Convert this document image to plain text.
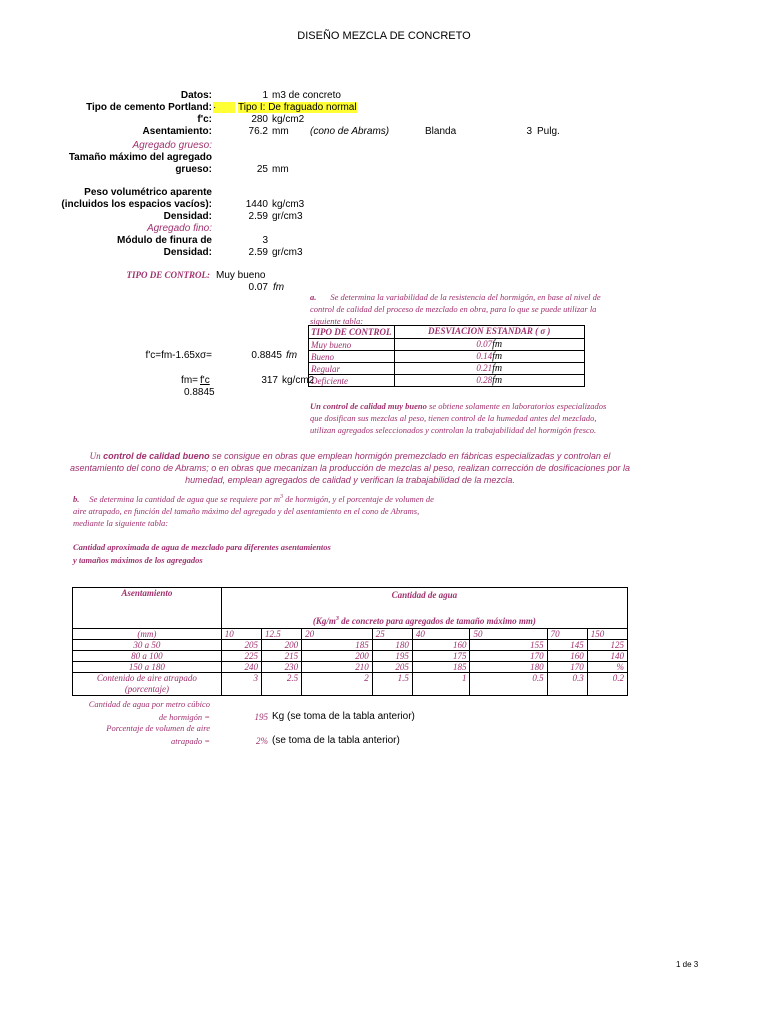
DISEÑO MEZCLA DE CONCRETO
Datos:	1 m3 de concreto
Tipo de cemento Portland: ·	Tipo I: De fraguado normal
f'c:	280 kg/cm2
Asentamiento:	76.2 mm (cono de Abrams)	Blanda	3 Pulg.
Agregado grueso:
Tamaño máximo del agregado
grueso:	25 mm
Peso volumétrico aparente
(incluidos los espacios vacíos):	1440 kg/cm3
Densidad:	2.59 gr/cm3
Agregado fino:
Módulo de finura de	3
Densidad:	2.59 gr/cm3
TIPO DE CONTROL: Muy bueno
0.07 fm
a. Se determina la variabilidad de la resistencia del hormigón, en base al nivel de control de calidad del proceso de mezclado en obra, para lo que se puede utilizar la siguiente tabla:
TIPO DE CONTROL	DESVIACION ESTANDAR ( σ )
Muy bueno	0.07fm
Bueno	0.14fm
Regular	0.21fm
Deficiente	0.28fm
f'c=fm-1.65xσ=	0.8845 fm
fm= f'c	317 kg/cm2
0.8845
Un control de calidad muy bueno se obtiene solamente en laboratorios especializados que dosifican sus mezclas al peso, tienen control de la humedad antes del mezclado, utilizan agregados seleccionados y controlan la trabajabilidad del hormigón fresco.
Un control de calidad bueno se consigue en obras que emplean hormigón premezclado en fábricas especializadas y controlan el asentamiento del cono de Abrams; o en obras que mecanizan la producción de mezclas al peso, realizan corrección de dosificaciones por la humedad, emplean agregados de calidad y verifican la trabajabilidad de la mezcla.
b. Se determina la cantidad de agua que se requiere por $m^3$ de hormigón, y el porcentaje de volumen de
aire atrapado, en función del tamaño máximo del agregado y del asentamiento en el cono de Abrams,
mediante la siguiente tabla:
Cantidad aproximada de agua de mezclado para diferentes asentamientos
y tamaños máximos de los agregados
Asentamiento	Cantidad de agua
($Kg/m^3$ de concreto para agregados de tamaño máximo mm)							

(mm)	10	12.5	20	25	40	50	70	150
30 a 50	205	200	185	180	160	155	145	125
80 a 100	225	215	200	195	175	170	160	140
150 a 180	240	230	210	205	185	180	170	%

Contenido de aire atrapado
(porcentaje)	3	2.5	2	1.5	1	0.5	0.3	0.2
Cantidad de agua por metro cúbico
de hormigón =	195 Kg (se toma de la tabla anterior)
Porcentaje de volumen de aire
atrapado =	2% (se toma de la tabla anterior)
1 de 3
